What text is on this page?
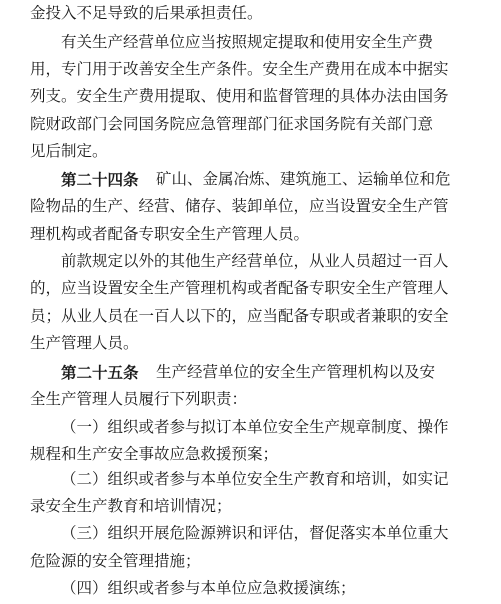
金投入不足导致的后果承担责任。
有关生产经营单位应当按照规定提取和使用安全生产费
用，专门用于改善安全生产条件。安全生产费用在成本中据实
列支。安全生产费用提取、使用和监督管理的具体办法由国务
院财政部门会同国务院应急管理部门征求国务院有关部门意
见后制定。
第二十四条 矿山、金属冶炼、建筑施工、运输单位和危
险物品的生产、经营、储存、装卸单位，应当设置安全生产管
理机构或者配备专职安全生产管理人员。
前款规定以外的其他生产经营单位，从业人员超过一百人
的，应当设置安全生产管理机构或者配备专职安全生产管理人
员；从业人员在一百人以下的，应当配备专职或者兼职的安全
生产管理人员。
第二十五条 生产经营单位的安全生产管理机构以及安
全生产管理人员履行下列职责：
（一）组织或者参与拟订本单位安全生产规章制度、操作
规程和生产安全事故应急救援预案；
（二）组织或者参与本单位安全生产教育和培训，如实记
录安全生产教育和培训情况；
（三）组织开展危险源辨识和评估，督促落实本单位重大
危险源的安全管理措施；
（四）组织或者参与本单位应急救援演练；
